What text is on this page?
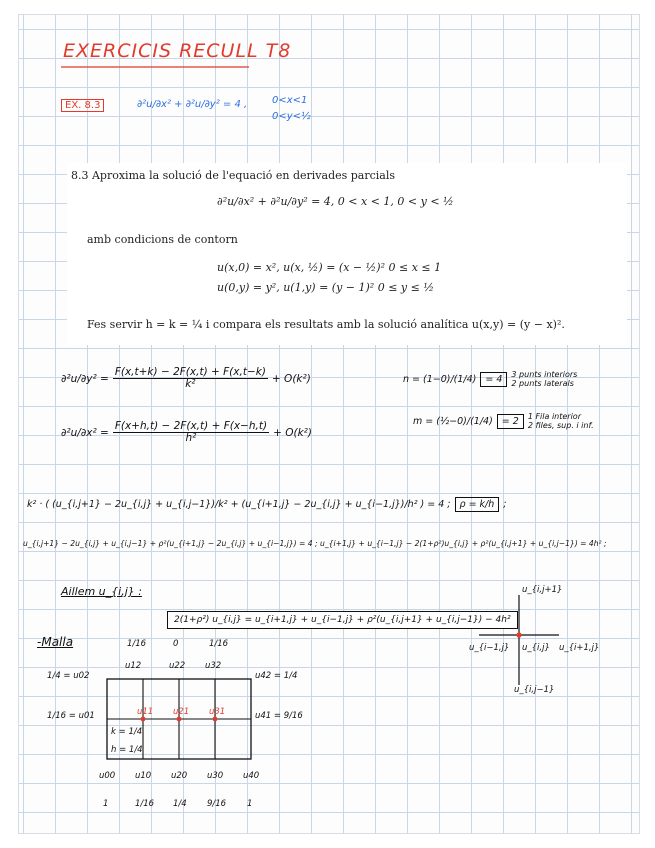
EXERCICIS RECULL T8
EX. 8.3	∂²u/∂x² + ∂²u/∂y² = 4 , 0<x<1
0<y<½
8.3 Aproxima la solució de l'equació en derivades parcials
∂²u/∂x² + ∂²u/∂y² = 4, 0 < x < 1, 0 < y < ½
amb condicions de contorn
u(x,0) = x², u(x, ½) = (x − ½)² 0 ≤ x ≤ 1
u(0,y) = y², u(1,y) = (y − 1)² 0 ≤ y ≤ ½
Fes servir h = k = ¼ i compara els resultats amb la solució analítica u(x,y) = (y − x)².
$\partial^2u/\partial y^2 = \frac{F(x,t+k) - 2F(x,t) + F(x,t-k)}{\text{k²}} + O(k^2)$
$\partial^2u/\partial x^2 = \frac{F(x+h,t) - 2F(x,t) + F(x-h,t)}{\text{h²}} + O(k^2)$
n = (1−0)/(1/4) = 4	3 punts interiors
2 punts laterals
m = (½−0)/(1/4) = 2	1 Fila interior
2 files, sup. i inf.
k² · ( (u_{i,j+1} − 2u_{i,j} + u_{i,j−1})/k² + (u_{i+1,j} − 2u_{i,j} + u_{i−1,j})/h² ) = 4 ; ρ = k/h ;
u_{i,j+1} − 2u_{i,j} + u_{i,j−1} + ρ²(u_{i+1,j} − 2u_{i,j} + u_{i−1,j}) = 4 ; u_{i+1,j} + u_{i−1,j} − 2(1+ρ²)u_{i,j} + ρ²(u_{i,j+1} + u_{i,j−1}) = 4h² ;
Aillem u_{i,j} :
2(1+ρ²) u_{i,j} = u_{i+1,j} + u_{i−1,j} + ρ²(u_{i,j+1} + u_{i,j−1}) − 4h²
u_{i,j+1}
u_{i−1,j} u_{i,j} u_{i+1,j}
u_{i,j−1}
-Malla	1/16	0	1/16
u12	u22 u32
u11 u21 u31
1/4 = u02
1/16 = u01
u42 = 1/4
u41 = 9/16
k = 1/4
h = 1/4
u00 u10 u20 u30 u40
1	1/16 1/4 9/16 1
